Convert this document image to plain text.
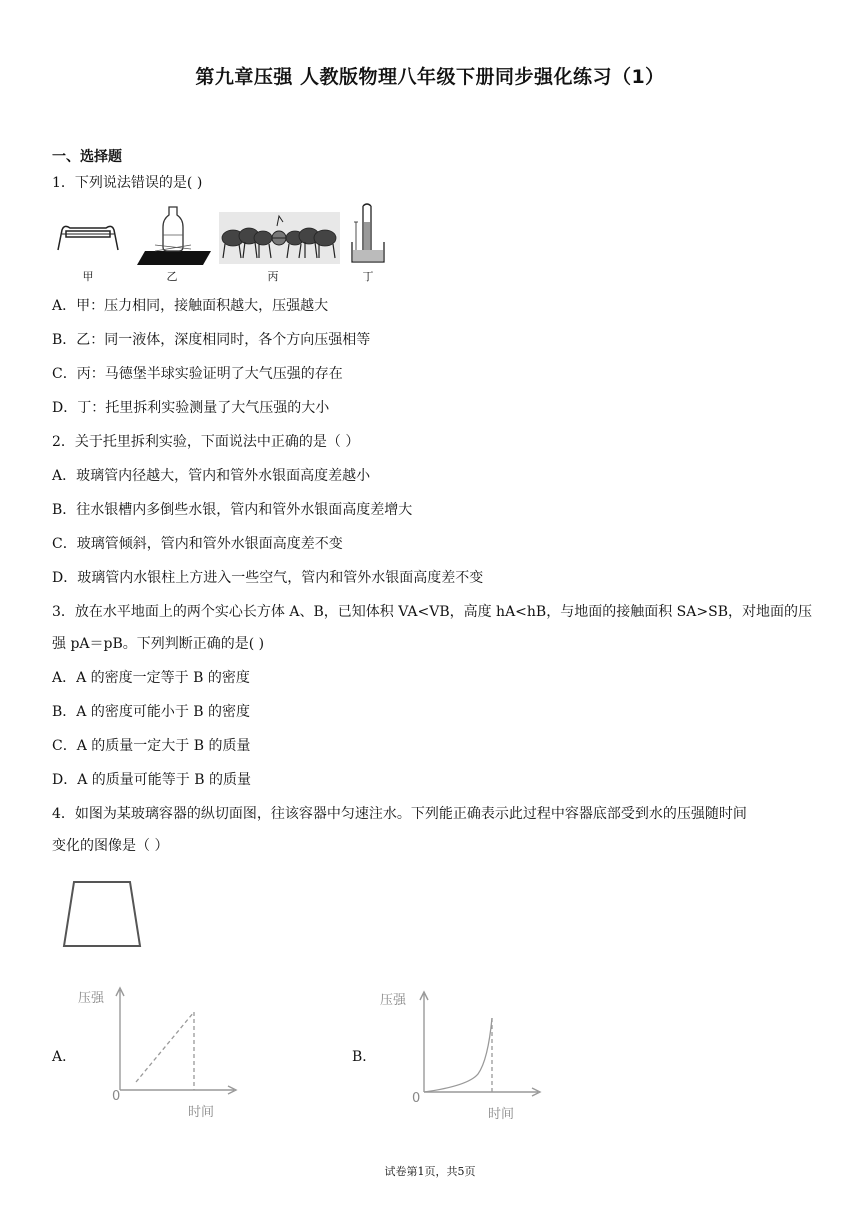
第九章压强 人教版物理八年级下册同步强化练习（1）
一、选择题
1．下列说法错误的是( )
甲	乙	丙	丁
A．甲：压力相同，接触面积越大，压强越大
B．乙：同一液体，深度相同时，各个方向压强相等
C．丙：马德堡半球实验证明了大气压强的存在
D．丁：托里拆利实验测量了大气压强的大小
2．关于托里拆利实验，下面说法中正确的是（ ）
A．玻璃管内径越大，管内和管外水银面高度差越小
B．往水银槽内多倒些水银，管内和管外水银面高度差增大
C．玻璃管倾斜，管内和管外水银面高度差不变
D．玻璃管内水银柱上方进入一些空气，管内和管外水银面高度差不变
3．放在水平地面上的两个实心长方体 A、B，已知体积 VA<VB，高度 hA<hB，与地面的接触面积 SA>SB，对地面的压
强 pA＝pB。下列判断正确的是( )
A．A 的密度一定等于 B 的密度
B．A 的密度可能小于 B 的密度
C．A 的质量一定大于 B 的质量
D．A 的质量可能等于 B 的质量
4．如图为某玻璃容器的纵切面图，往该容器中匀速注水。下列能正确表示此过程中容器底部受到水的压强随时间
变化的图像是（ ）
A．
压强
0
时间
B．
压强
0
时间
试卷第1页，共5页
